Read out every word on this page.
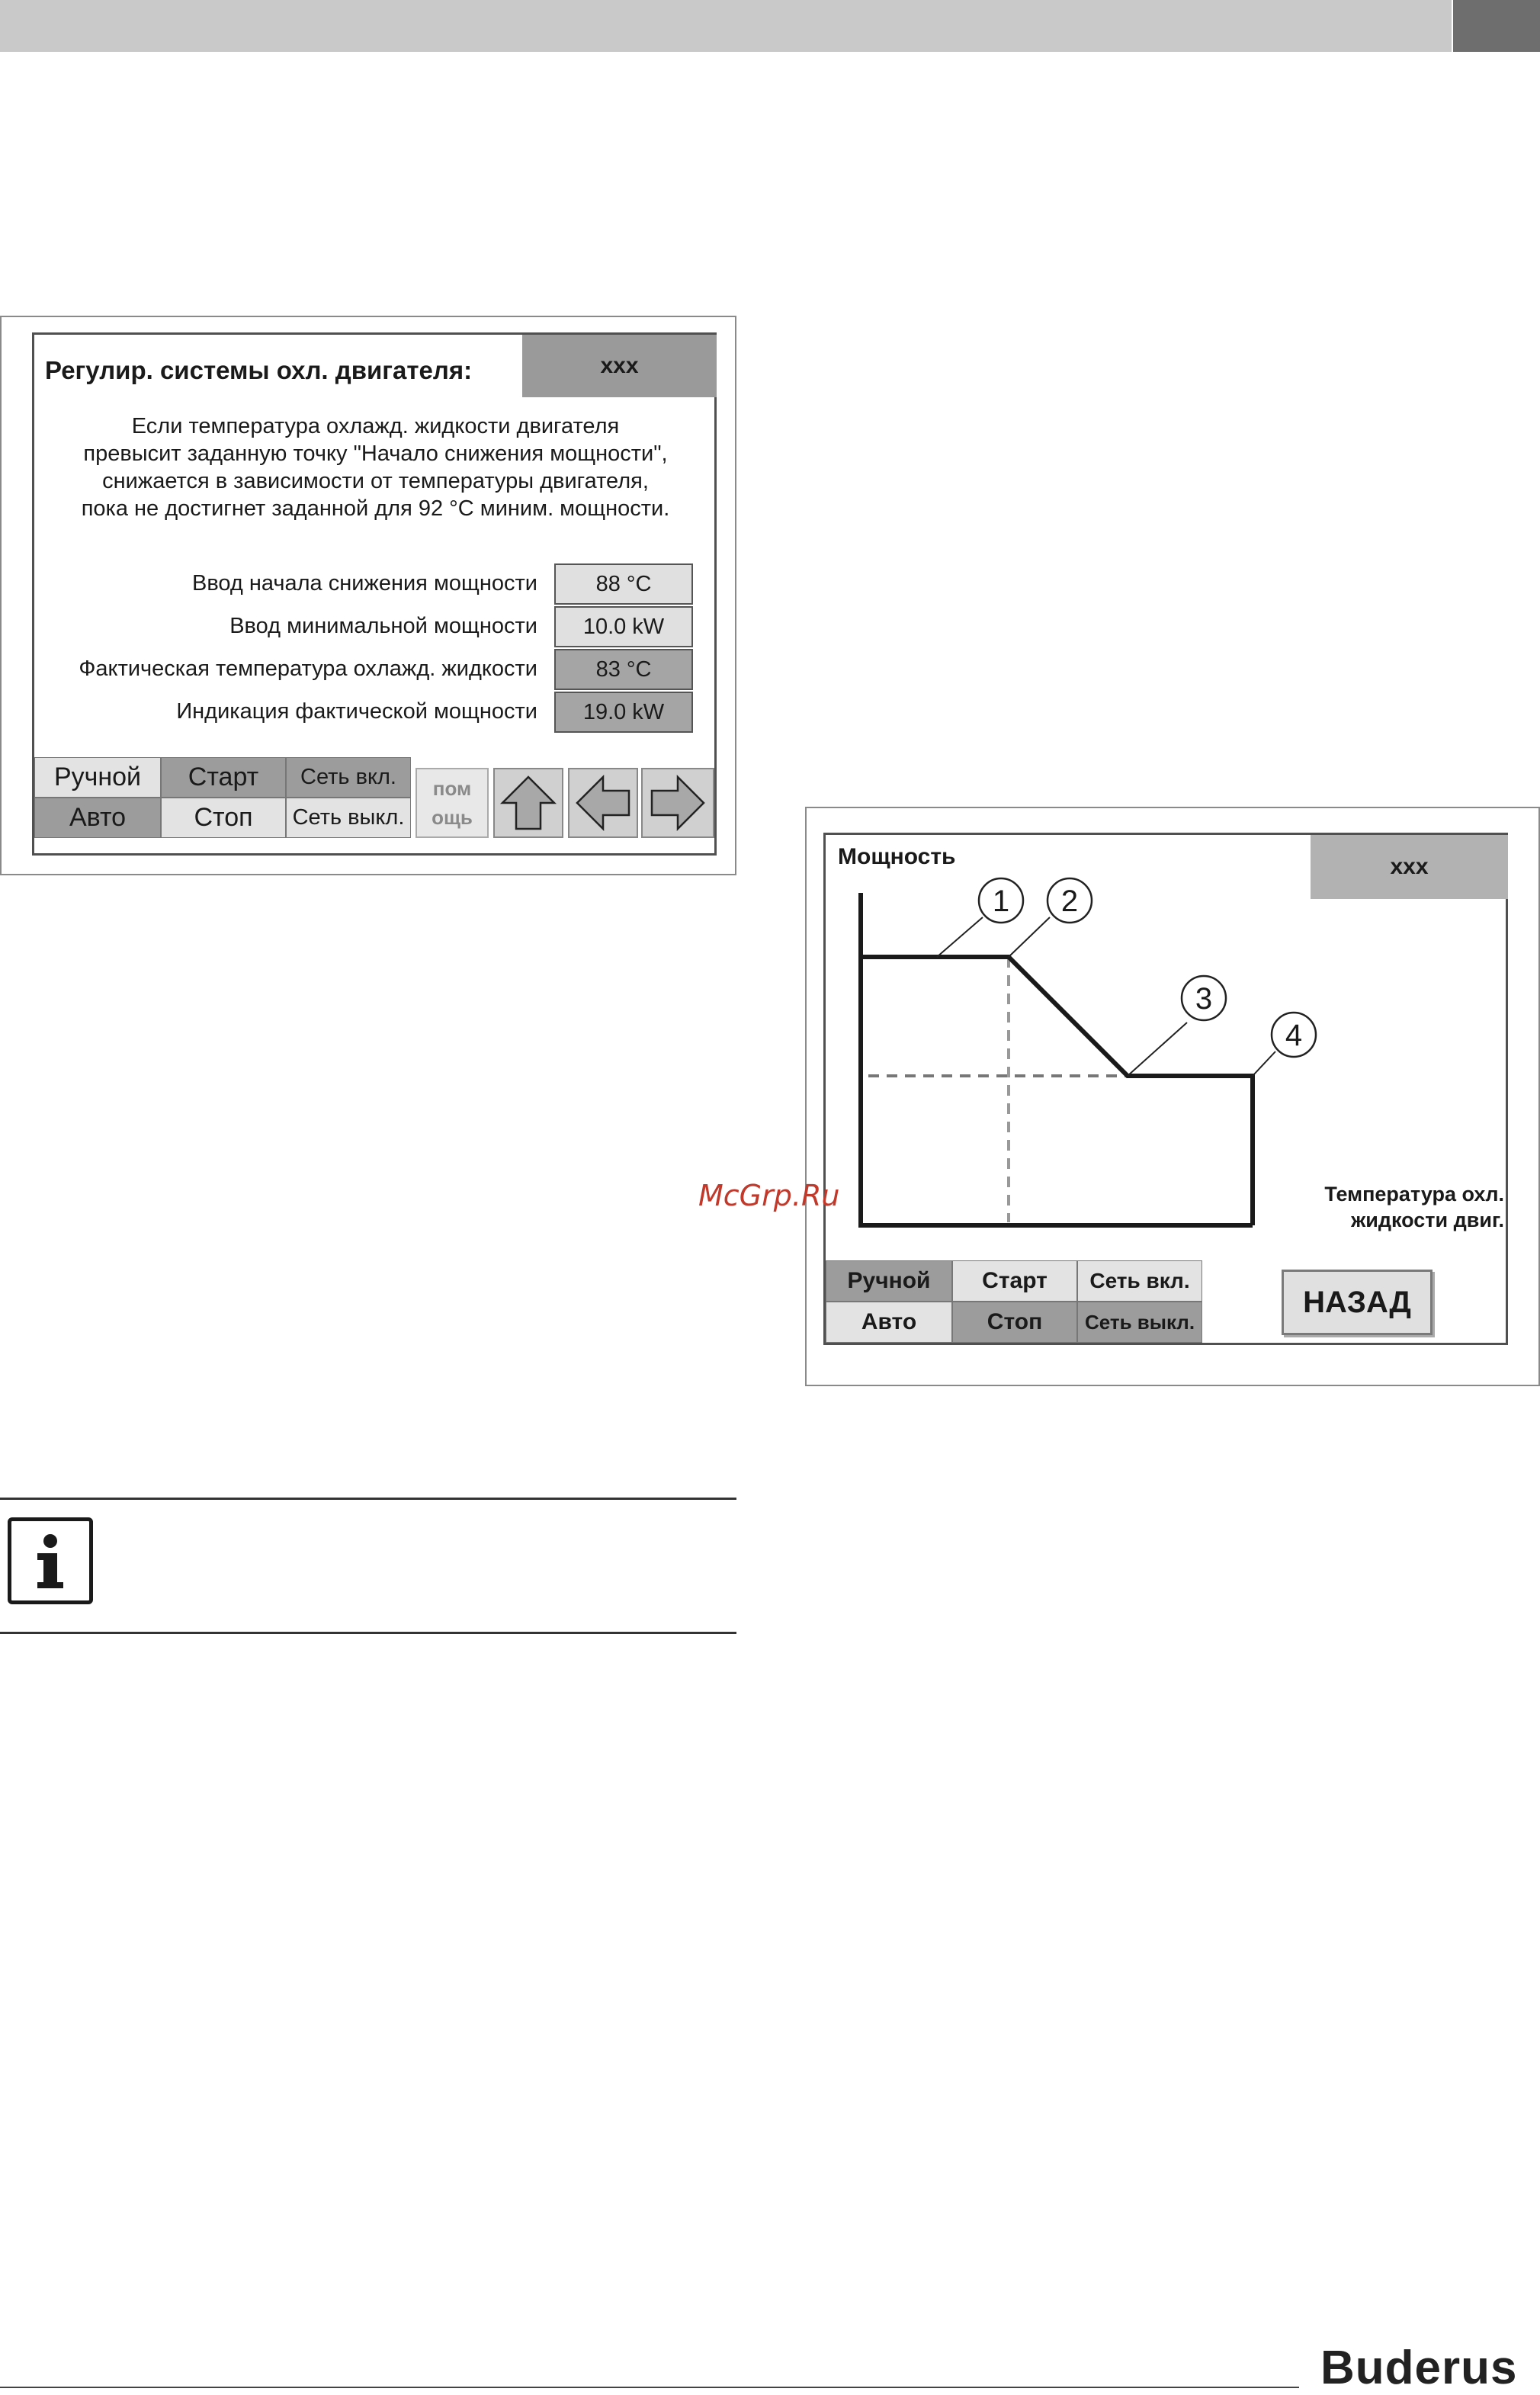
Регулир. системы охл. двигателя:	xxx
Если температура охлажд. жидкости двигателя
превысит заданную точку "Начало снижения мощности",
снижается в зависимости от температуры двигателя,
пока не достигнет заданной для 92 °C миним. мощности.
Ввод начала снижения мощности	88 °C
Ввод минимальной мощности	10.0 kW
Фактическая температура охлажд. жидкости	83 °C
Индикация фактической мощности	19.0 kW
Ручной	Старт	Сеть вкл.
Авто	Стоп	Сеть выкл.
пом
ощь
Мощность	xxx
1 2
3
4
Температура охл.
жидкости двиг.
Ручной	Старт	Сеть вкл.
Авто	Стоп	Сеть выкл.
НАЗАД
McGrp.Ru
Buderus
